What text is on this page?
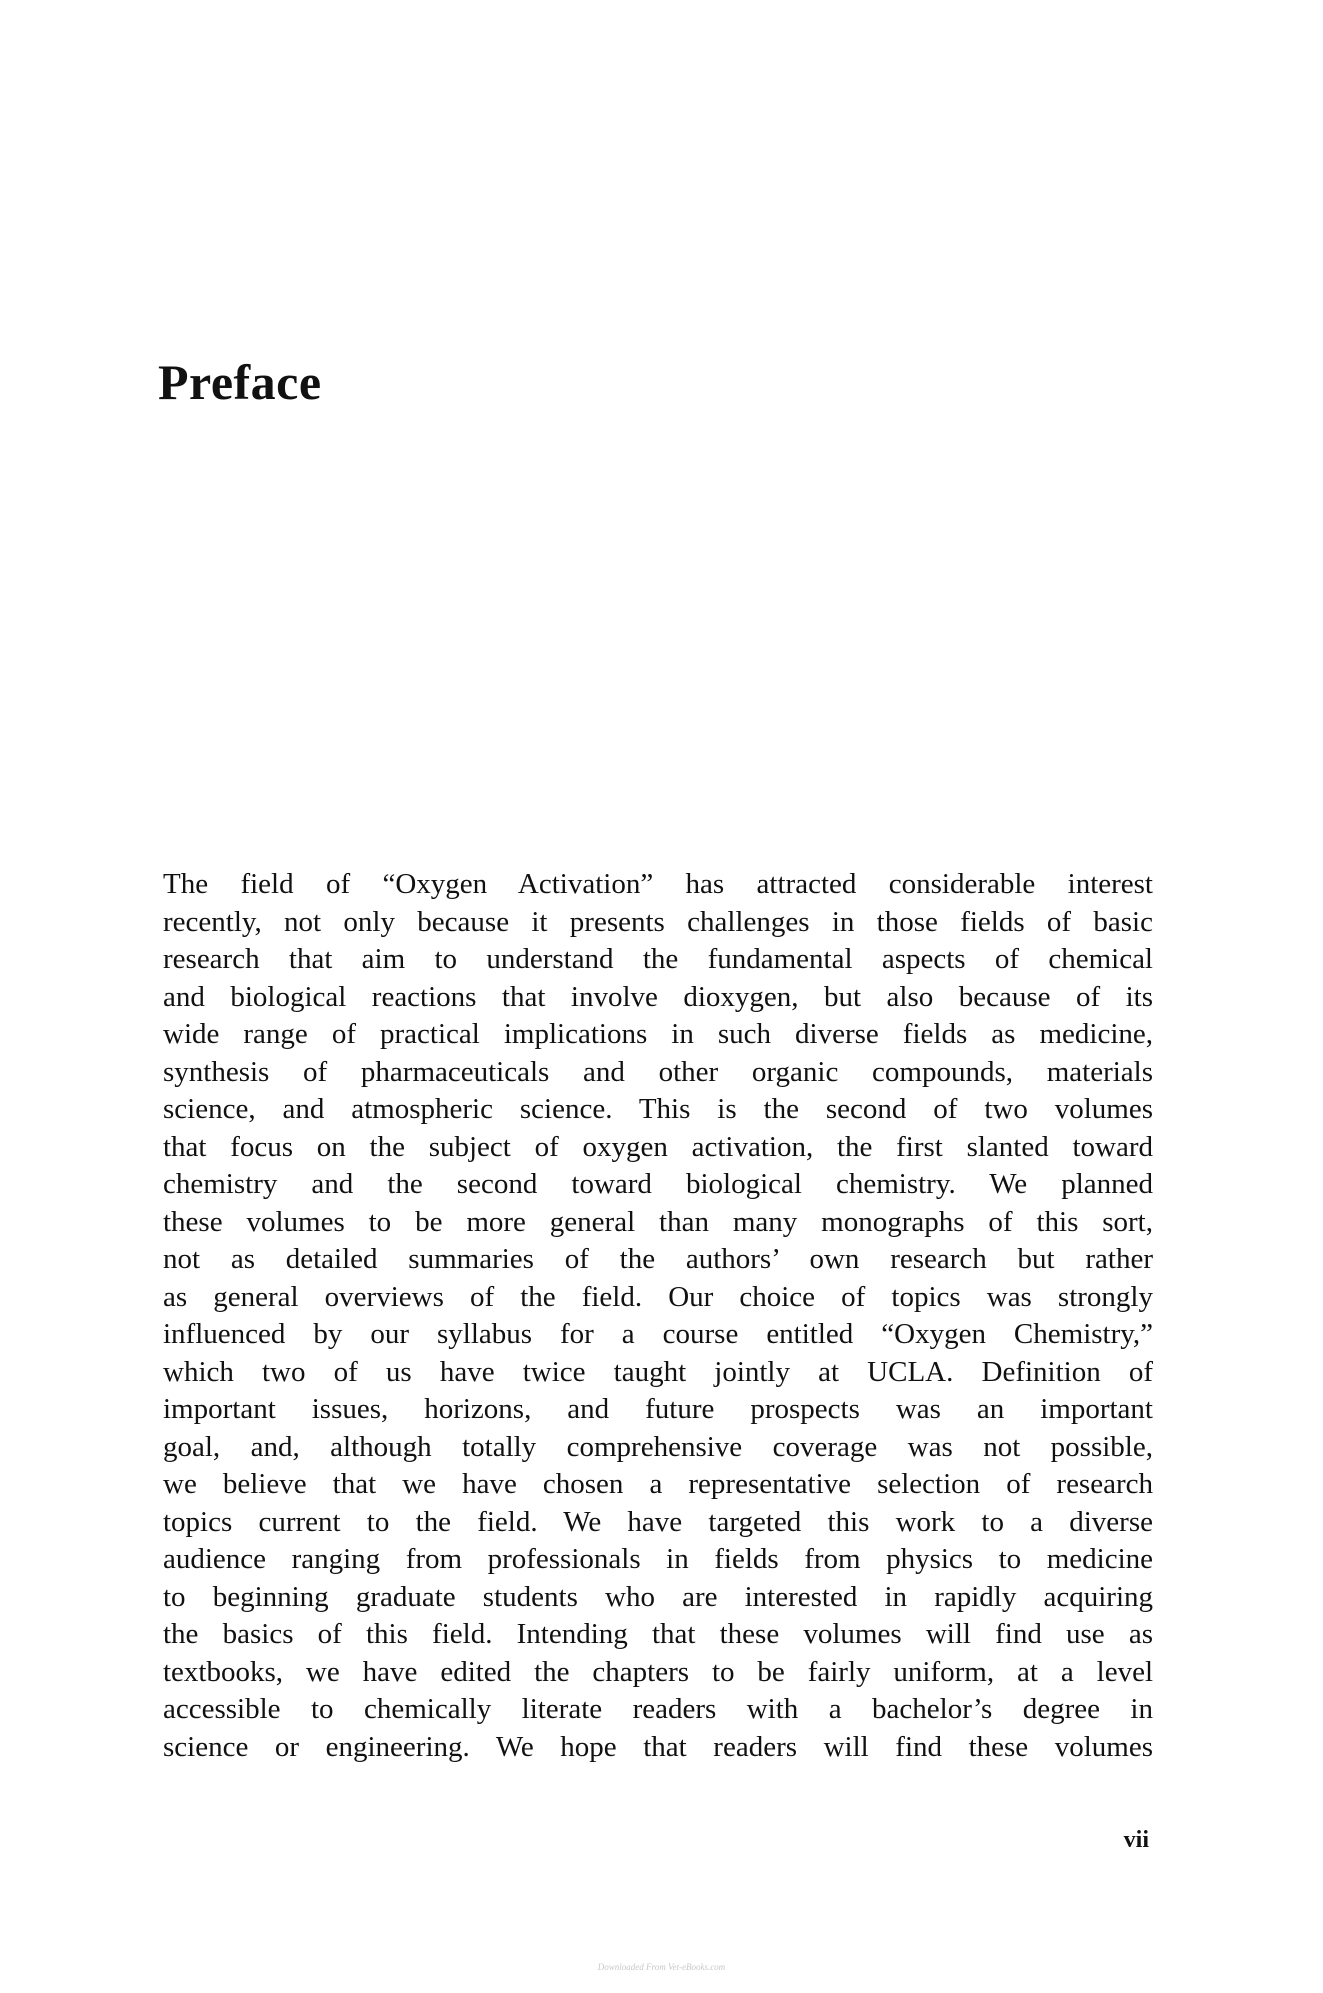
Preface
The field of “Oxygen Activation” has attracted considerable interest
recently, not only because it presents challenges in those fields of basic
research that aim to understand the fundamental aspects of chemical
and biological reactions that involve dioxygen, but also because of its
wide range of practical implications in such diverse fields as medicine,
synthesis of pharmaceuticals and other organic compounds, materials
science, and atmospheric science. This is the second of two volumes
that focus on the subject of oxygen activation, the first slanted toward
chemistry and the second toward biological chemistry. We planned
these volumes to be more general than many monographs of this sort,
not as detailed summaries of the authors’ own research but rather
as general overviews of the field. Our choice of topics was strongly
influenced by our syllabus for a course entitled “Oxygen Chemistry,”
which two of us have twice taught jointly at UCLA. Definition of
important issues, horizons, and future prospects was an important
goal, and, although totally comprehensive coverage was not possible,
we believe that we have chosen a representative selection of research
topics current to the field. We have targeted this work to a diverse
audience ranging from professionals in fields from physics to medicine
to beginning graduate students who are interested in rapidly acquiring
the basics of this field. Intending that these volumes will find use as
textbooks, we have edited the chapters to be fairly uniform, at a level
accessible to chemically literate readers with a bachelor’s degree in
science or engineering. We hope that readers will find these volumes
vii
Downloaded From Vet-eBooks.com
